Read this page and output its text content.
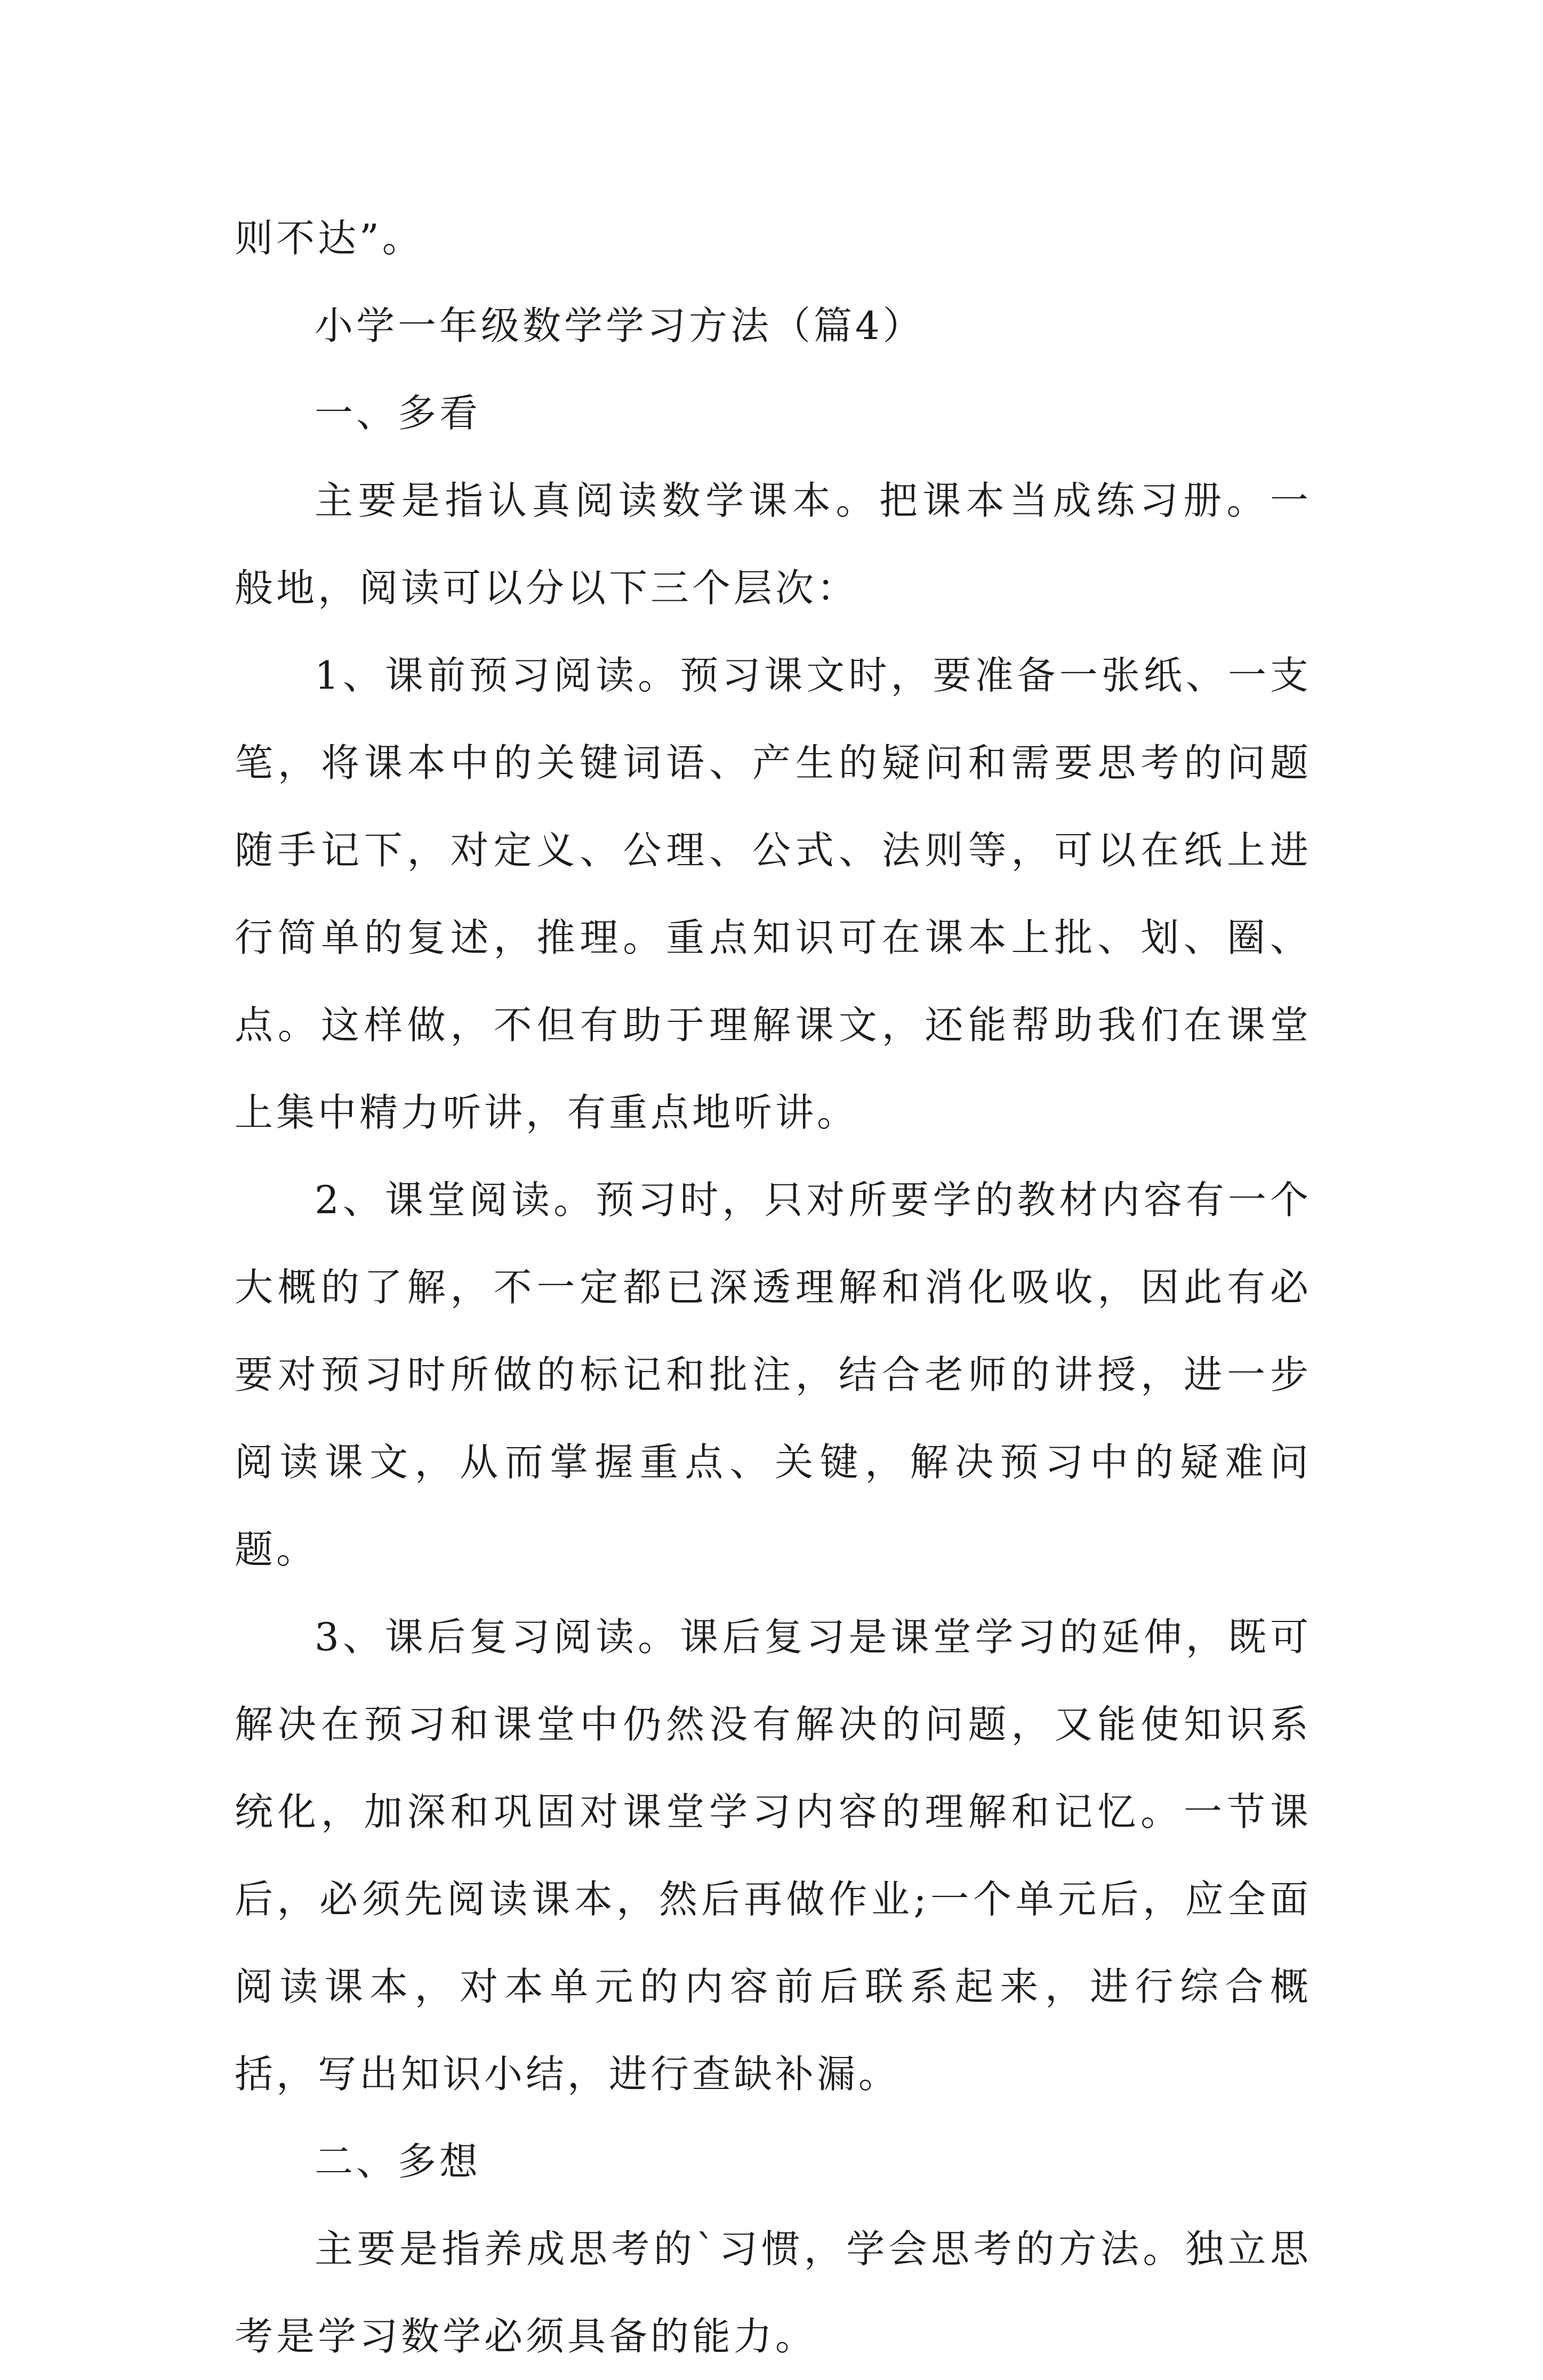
则不达”。

小学一年级数学学习方法（篇4）

一、多看

主要是指认真阅读数学课本。把课本当成练习册。一般地，阅读可以分以下三个层次：

1、课前预习阅读。预习课文时，要准备一张纸、一支笔，将课本中的关键词语、产生的疑问和需要思考的问题随手记下，对定义、公理、公式、法则等，可以在纸上进行简单的复述，推理。重点知识可在课本上批、划、圈、点。这样做，不但有助于理解课文，还能帮助我们在课堂上集中精力听讲，有重点地听讲。

2、课堂阅读。预习时，只对所要学的教材内容有一个大概的了解，不一定都已深透理解和消化吸收，因此有必要对预习时所做的标记和批注，结合老师的讲授，进一步阅读课文，从而掌握重点、关键，解决预习中的疑难问题。

3、课后复习阅读。课后复习是课堂学习的延伸，既可解决在预习和课堂中仍然没有解决的问题，又能使知识系统化，加深和巩固对课堂学习内容的理解和记忆。一节课后，必须先阅读课本，然后再做作业;一个单元后，应全面阅读课本，对本单元的内容前后联系起来，进行综合概括，写出知识小结，进行查缺补漏。

二、多想

主要是指养成思考的`习惯，学会思考的方法。独立思考是学习数学必须具备的能力。
